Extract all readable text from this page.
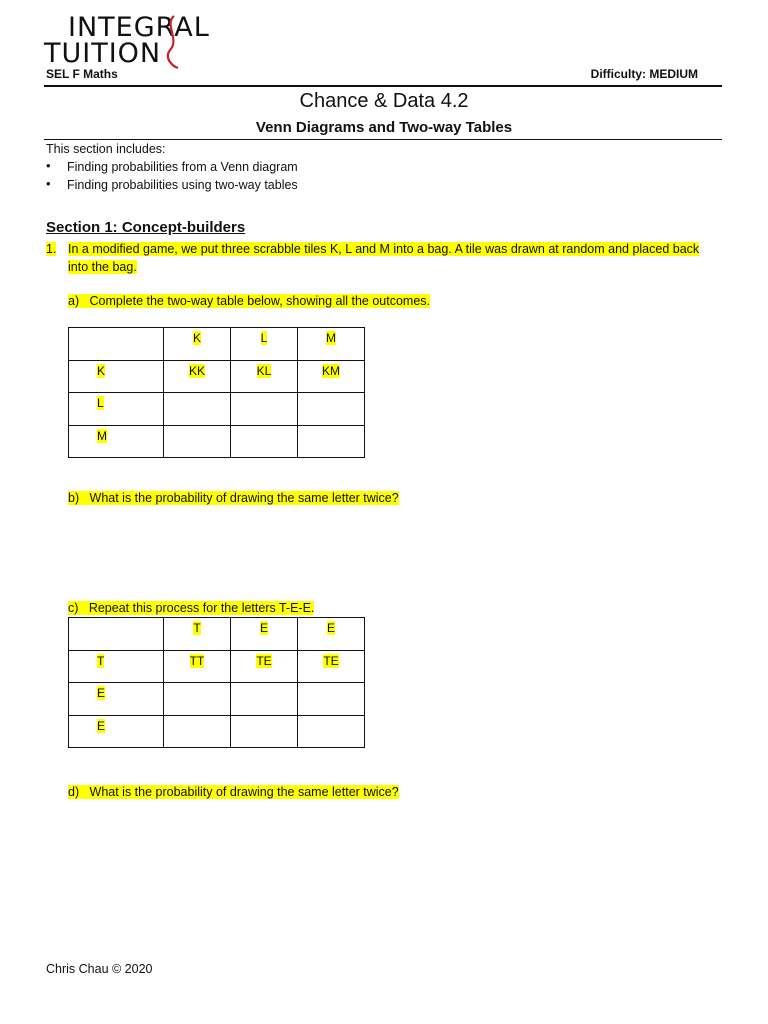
INTEGRAL
TUITION
SEL F Maths	Difficulty: MEDIUM
Chance & Data 4.2
Venn Diagrams and Two-way Tables
This section includes:
• Finding probabilities from a Venn diagram
• Finding probabilities using two-way tables
Section 1: Concept-builders
1. In a modified game, we put three scrabble tiles K, L and M into a bag. A tile was drawn at random and placed back
into the bag.
a)   Complete the two-way table below, showing all the outcomes.
	K	L	M
K	KK	KL	KM
L			
M			
b)   What is the probability of drawing the same letter twice?
c)   Repeat this process for the letters T-E-E.
	T	E	E
T	TT	TE	TE
E			
E			
d)   What is the probability of drawing the same letter twice?
Chris Chau © 2020
